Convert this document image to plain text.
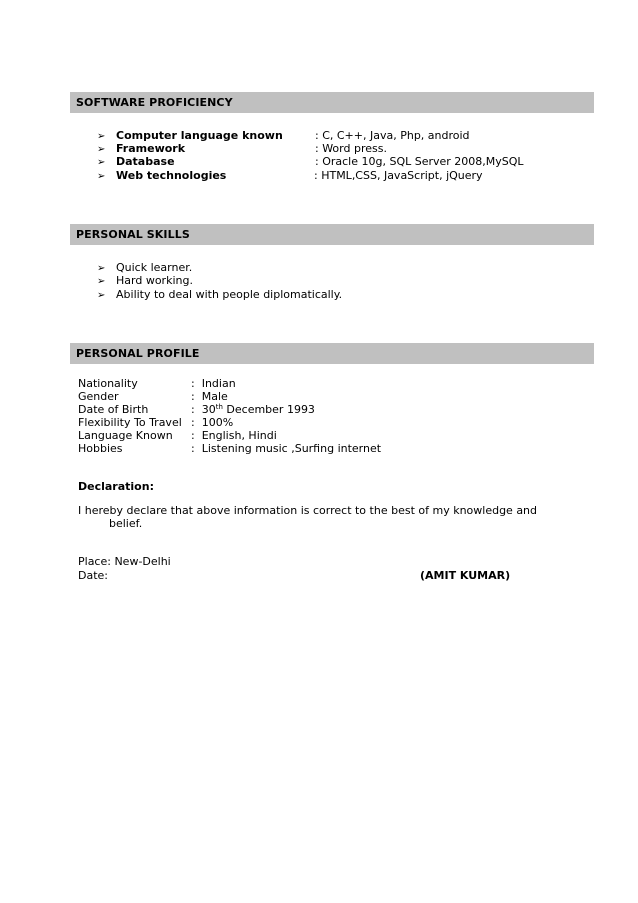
SOFTWARE PROFICIENCY
➢ Computer language known	: C, C++, Java, Php, android
➢ Framework	: Word press.
➢ Database	: Oracle 10g, SQL Server 2008,MySQL
➢ Web technologies	: HTML,CSS, JavaScript, jQuery
PERSONAL SKILLS
➢ Quick learner.
➢ Hard working.
➢ Ability to deal with people diplomatically.
PERSONAL PROFILE
Nationality	: Indian
Gender	: Male
Date of Birth	: 30th December 1993
Flexibility To Travel : 100%
Language Known : English, Hindi
Hobbies	: Listening music ,Surfing internet
Declaration:
I hereby declare that above information is correct to the best of my knowledge and
belief.
Place: New-Delhi
Date:	(AMIT KUMAR)
